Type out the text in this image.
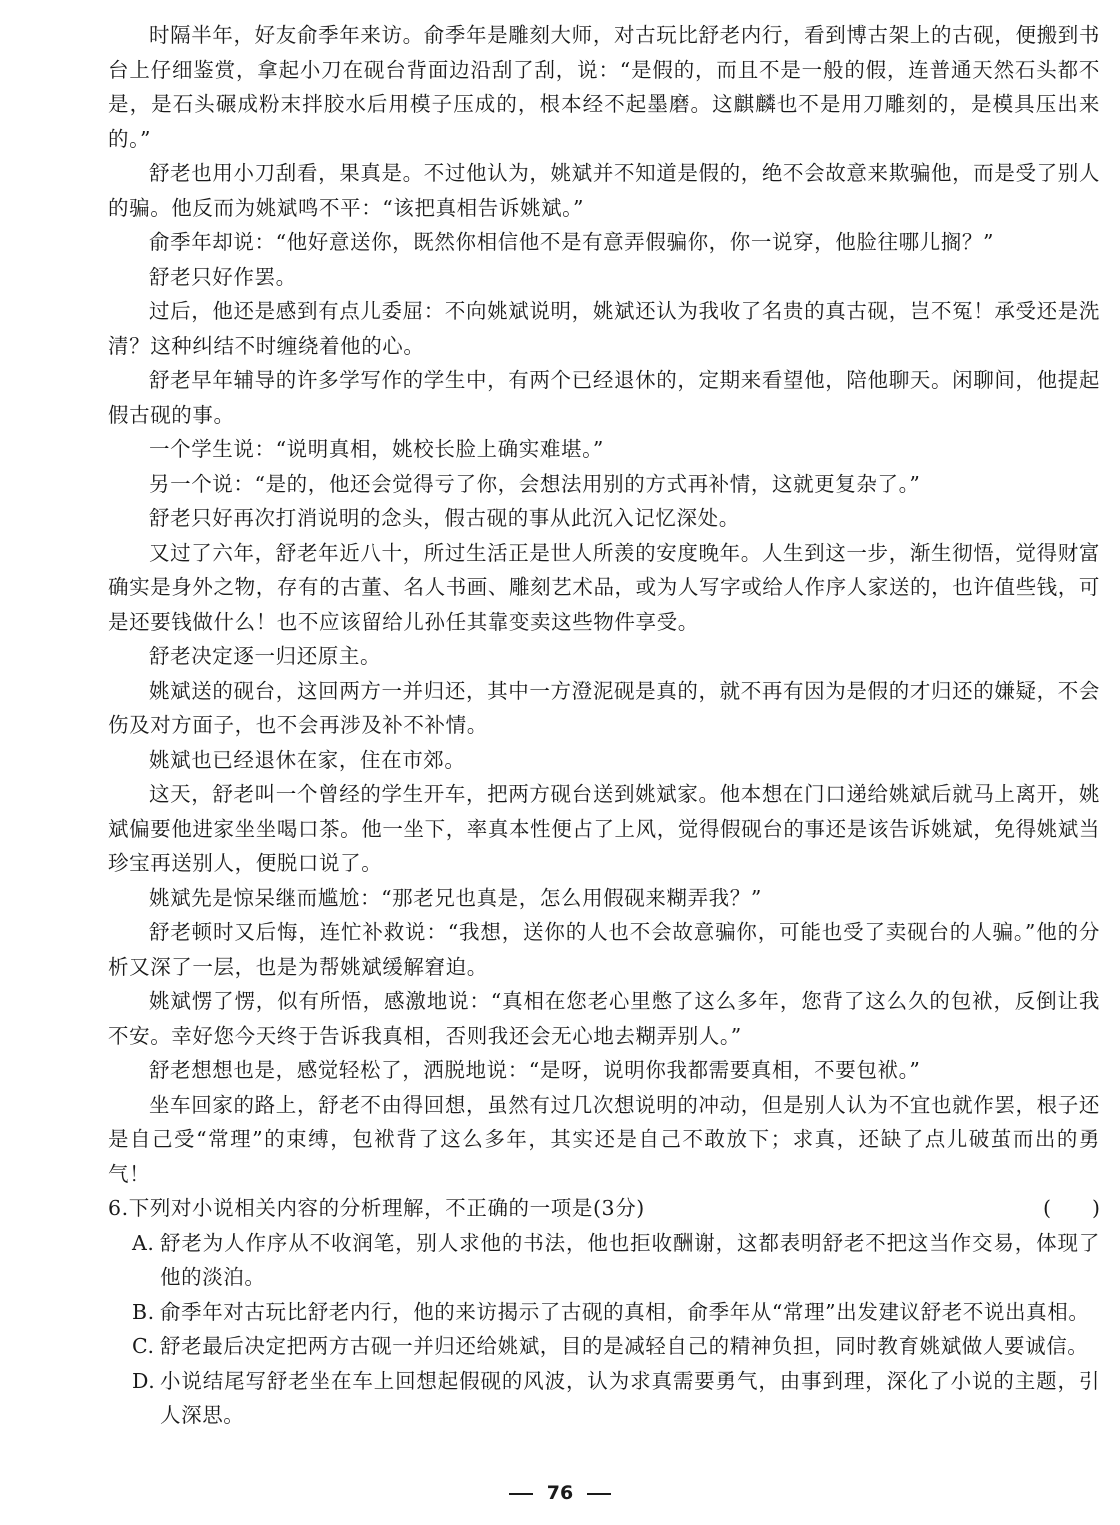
时隔半年，好友俞季年来访。俞季年是雕刻大师，对古玩比舒老内行，看到博古架上的古砚，便搬到书台上仔细鉴赏，拿起小刀在砚台背面边沿刮了刮，说：“是假的，而且不是一般的假，连普通天然石头都不是，是石头碾成粉末拌胶水后用模子压成的，根本经不起墨磨。这麒麟也不是用刀雕刻的，是模具压出来的。”

舒老也用小刀刮看，果真是。不过他认为，姚斌并不知道是假的，绝不会故意来欺骗他，而是受了别人的骗。他反而为姚斌鸣不平：“该把真相告诉姚斌。”

俞季年却说：“他好意送你，既然你相信他不是有意弄假骗你，你一说穿，他脸往哪儿搁？”

舒老只好作罢。

过后，他还是感到有点儿委屈：不向姚斌说明，姚斌还认为我收了名贵的真古砚，岂不冤！承受还是洗清？这种纠结不时缠绕着他的心。

舒老早年辅导的许多学写作的学生中，有两个已经退休的，定期来看望他，陪他聊天。闲聊间，他提起假古砚的事。

一个学生说：“说明真相，姚校长脸上确实难堪。”

另一个说：“是的，他还会觉得亏了你，会想法用别的方式再补情，这就更复杂了。”

舒老只好再次打消说明的念头，假古砚的事从此沉入记忆深处。

又过了六年，舒老年近八十，所过生活正是世人所羡的安度晚年。人生到这一步，渐生彻悟，觉得财富确实是身外之物，存有的古董、名人书画、雕刻艺术品，或为人写字或给人作序人家送的，也许值些钱，可是还要钱做什么！也不应该留给儿孙任其靠变卖这些物件享受。

舒老决定逐一归还原主。

姚斌送的砚台，这回两方一并归还，其中一方澄泥砚是真的，就不再有因为是假的才归还的嫌疑，不会伤及对方面子，也不会再涉及补不补情。

姚斌也已经退休在家，住在市郊。

这天，舒老叫一个曾经的学生开车，把两方砚台送到姚斌家。他本想在门口递给姚斌后就马上离开，姚斌偏要他进家坐坐喝口茶。他一坐下，率真本性便占了上风，觉得假砚台的事还是该告诉姚斌，免得姚斌当珍宝再送别人，便脱口说了。

姚斌先是惊呆继而尴尬：“那老兄也真是，怎么用假砚来糊弄我？”

舒老顿时又后悔，连忙补救说：“我想，送你的人也不会故意骗你，可能也受了卖砚台的人骗。”他的分析又深了一层，也是为帮姚斌缓解窘迫。

姚斌愣了愣，似有所悟，感激地说：“真相在您老心里憋了这么多年，您背了这么久的包袱，反倒让我不安。幸好您今天终于告诉我真相，否则我还会无心地去糊弄别人。”

舒老想想也是，感觉轻松了，洒脱地说：“是呀，说明你我都需要真相，不要包袱。”

坐车回家的路上，舒老不由得回想，虽然有过几次想说明的冲动，但是别人认为不宜也就作罢，根子还是自己受“常理”的束缚，包袱背了这么多年，其实还是自己不敢放下；求真，还缺了点儿破茧而出的勇气！

6.下列对小说相关内容的分析理解，不正确的一项是(3分)	(　　)

A. 舒老为人作序从不收润笔，别人求他的书法，他也拒收酬谢，这都表明舒老不把这当作交易，体现了他的淡泊。

B. 俞季年对古玩比舒老内行，他的来访揭示了古砚的真相，俞季年从“常理”出发建议舒老不说出真相。

C. 舒老最后决定把两方古砚一并归还给姚斌，目的是减轻自己的精神负担，同时教育姚斌做人要诚信。

D. 小说结尾写舒老坐在车上回想起假砚的风波，认为求真需要勇气，由事到理，深化了小说的主题，引人深思。

76
